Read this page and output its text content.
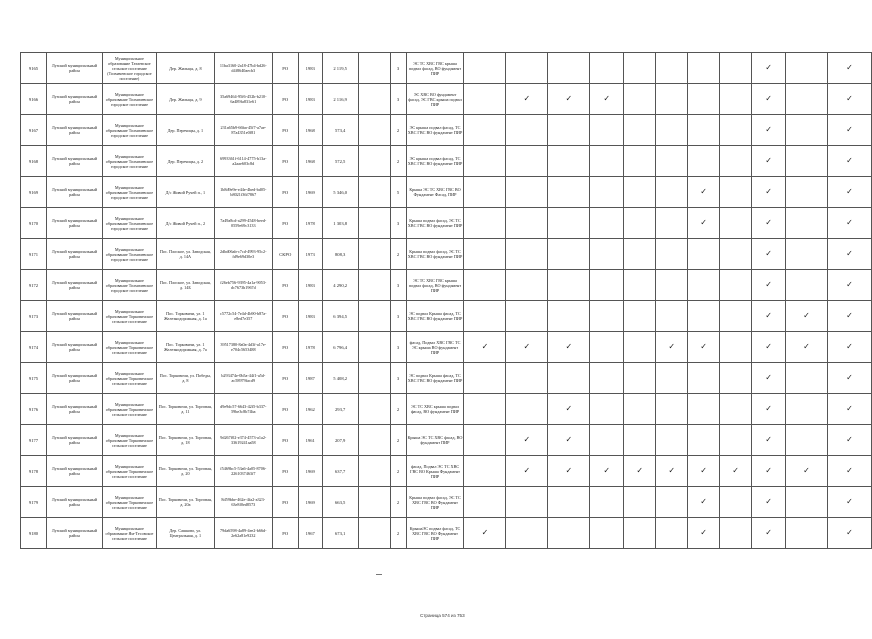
9165	Лузский муниципальный район	Муниципальное образование Татаевское сельское поселение (Толмачевское городское поселение)	Дер. Жильцы, д. 8	11ba3160-2a18-47b4-bd26-d4f8640aecb3	РО	1983	2 119,5		3	ЭС ТС ХВС ГВС крыша подвал фасад, ВО фундамент ПИР									✓		✓
9166	Лузский муниципальный район	Муниципальное образование Толмачевское городское поселение	Дер. Жильцы, д. 9	35a69464-95f6-452b-b210-6a489fa831e61	РО	1983	2 116,9		3	ЭС ХВС ВО фундамент фасад, ЭС ГВС крыша подвал ПИР		✓	✓	✓					✓		✓
9167	Лузский муниципальный район	Муниципальное образование Толмачевское городское поселение	Дер. Перечицы, д. 1	231a65b9-66ba-45f7-a7ae-87a4351e0f81	РО	1968	573,4		2	ЭС крыша подвал фасад, ТС ХВС ГВС ВО фундамент ПИР									✓		✓
9168	Лузский муниципальный район	Муниципальное образование Толмачевское городское поселение	Дер. Перечицы, д. 2	6993361f-6114-4775-b13a-a2aae603c8d	РО	1968	572,5		2	ЭС крыша подвал фасад, ТС ХВС ГВС ВО фундамент ПИР									✓		✓
9169	Лузский муниципальный район	Муниципальное образование Толмачевское городское поселение	Д/с Живой Ручей п., 1	1b8d9e9e-e44e-4bed-bd05-b8021f36f7867	РО	1969	5 346,0		5	Крыша ЭС ТС ХВС ГВС ВО Фундамент Фасад, ПИР							✓		✓		✓
9170	Лузский муниципальный район	Муниципальное образование Толмачевское городское поселение	Д/с Живой Ручей п., 2	7a49a8cd-a299-4548-beed-0559e69c3133	РО	1978	1 303,8		3	Крыша подвал фасад, ЭС ТС ХВС ГВС ВО фундамент ПИР							✓		✓		✓
9171	Лузский муниципальный район	Муниципальное образование Толмачевское городское поселение	Пос. Плоское, ул. Заводская, д. 14А	2dbd06ab-c7cd-4993-95c2-fd9e69d30e3	СКРО	1973	808,3		2	Крыша подвал фасад, ЭС ТС ХВС ГВС ВО фундамент ПИР									✓		✓
9172	Лузский муниципальный район	Муниципальное образование Толмачевское городское поселение	Пос. Плоское, ул. Заводская, д. 14Б	f26eb756-9395-4a1a-9053-dc7673b1967d	РО	1983	4 290,2		3	ЭС ТС ХВС ГВС крыша подвал фасад, ВО фундамент ПИР									✓		✓
9173	Лузский муниципальный район	Муниципальное образование Торковичское сельское поселение	Пос. Торковичи, ул. 1 Железнодорожная, д. 1а	c5772c54-7e4d-4b90-b87a-e8ed7e357	РО	1983	6 394,5		3	ЭС подвал Крыша фасад, ТС ХВС ГВС ВО фундамент ПИР									✓	✓	✓
9174	Лузский муниципальный район	Муниципальное образование Торковичское сельское поселение	Пос. Торковичи, ул. 1 Железнодорожная, д. 7а	39517380-8a0a-4d3f-a17e-e704c5653488	РО	1978	6 796,4		3	фасад, Подвал ХВС ГВС ТС ЭС крыша ВО фундамент ПИР	✓	✓	✓			✓	✓		✓	✓	✓
9175	Лузский муниципальный район	Муниципальное образование Торковичское сельское поселение	Пос. Торковичи, ул. Победы, д. 8	b293474e-0b5a-44f1-a5d-ac58979facd9	РО	1987	5 408,2		3	ЭС подвал Крыша фасад, ТС ХВС ГВС ВО фундамент ПИР									✓		✓
9176	Лузский муниципальный район	Муниципальное образование Торковичское сельское поселение	Пос. Торковичи, ул. Торговая, д. 11	d9e9dc57-6643-42f5-b337-59be3c8b74ba	РО	1962	293,7		2	ЭС ТС ХВС крыша подвал фасад, ВО фундамент ПИР			✓						✓		✓
9177	Лузский муниципальный район	Муниципальное образование Торковичское сельское поселение	Пос. Торковичи, ул. Торговая, д. 18	9d267f02-e374-4573-a1a2-33619241aa58	РО	1961	207,9		2	Крыша ЭС ТС ХВС фасад, ВО фундамент ПИР		✓	✓						✓		✓
9178	Лузский муниципальный район	Муниципальное образование Торковичское сельское поселение	Пос. Торковичи, ул. Торговая, д. 20	f5469bc5-53a6-4a05-8706-2261037463f7	РО	1969	637,7		2	фасад, Подвал ЭС ТС ХВС ГВС ВО Крыша Фундамент ПИР		✓	✓	✓	✓	✓	✓	✓	✓	✓	✓
9179	Лузский муниципальный район	Муниципальное образование Торковичское сельское поселение	Пос. Торковичи, ул. Торговая, д. 20а	8d59bbe-462e-4fa2-a323-63e8f0ed8573	РО	1969	663,5		2	Крыша подвал фасад, ЭС ТС ХВС ГВС ВО Фундамент ПИР							✓		✓		✓
9180	Лузский муниципальный район	Муниципальное образование Ям-Тесовское сельское поселение	Дер. Сашково, ул. Центральная, д. 1	79da6598-4a89-4ee2-b66d-2e62a81e9232	РО	1967	673,1		2	КрышаЭС подвал фасад, ТС ХВС ГВС ВО Фундамент ПИР	✓						✓		✓		✓
Страница 574 из 753
